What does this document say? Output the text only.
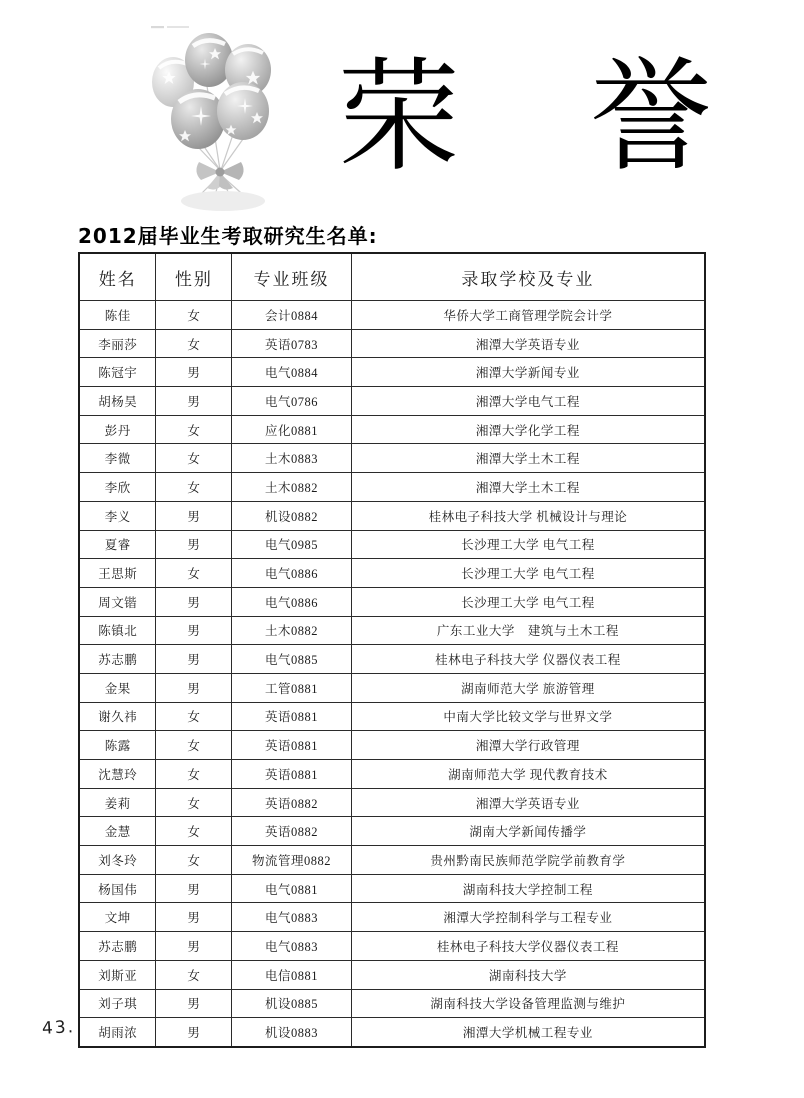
荣 誉
2012届毕业生考取研究生名单:
姓名	性别	专业班级	录取学校及专业
陈佳	女	会计0884	华侨大学工商管理学院会计学
李丽莎	女	英语0783	湘潭大学英语专业
陈冠宇	男	电气0884	湘潭大学新闻专业
胡杨昊	男	电气0786	湘潭大学电气工程
彭丹	女	应化0881	湘潭大学化学工程
李微	女	土木0883	湘潭大学土木工程
李欣	女	土木0882	湘潭大学土木工程
李义	男	机设0882	桂林电子科技大学 机械设计与理论
夏睿	男	电气0985	长沙理工大学 电气工程
王思斯	女	电气0886	长沙理工大学 电气工程
周文锴	男	电气0886	长沙理工大学 电气工程
陈镇北	男	土木0882	广东工业大学　建筑与土木工程
苏志鹏	男	电气0885	桂林电子科技大学 仪器仪表工程
金果	男	工管0881	湖南师范大学 旅游管理
谢久祎	女	英语0881	中南大学比较文学与世界文学
陈露	女	英语0881	湘潭大学行政管理
沈慧玲	女	英语0881	湖南师范大学 现代教育技术
姜莉	女	英语0882	湘潭大学英语专业
金慧	女	英语0882	湖南大学新闻传播学
刘冬玲	女	物流管理0882	贵州黔南民族师范学院学前教育学
杨国伟	男	电气0881	湖南科技大学控制工程
文坤	男	电气0883	湘潭大学控制科学与工程专业
苏志鹏	男	电气0883	桂林电子科技大学仪器仪表工程
刘斯亚	女	电信0881	湖南科技大学
刘子琪	男	机设0885	湖南科技大学设备管理监测与维护
胡雨浓	男	机设0883	湘潭大学机械工程专业
43.
